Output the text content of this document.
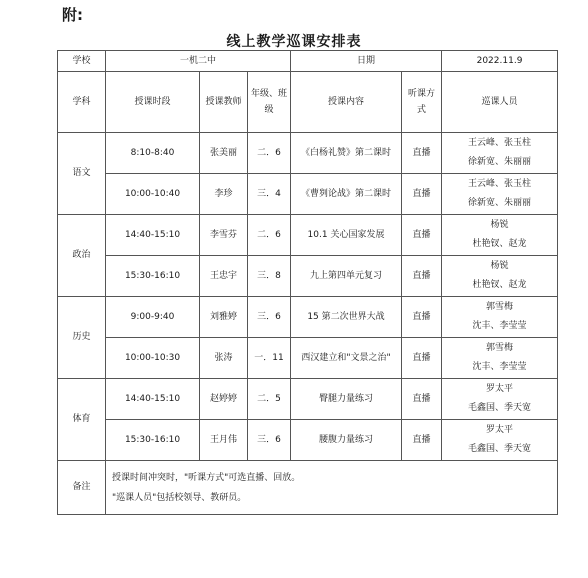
附:
线上教学巡课安排表
学校	一机二中			日期		2022.11.9
学科	授课时段	授课教师	年级、班级	授课内容	听课方式	巡课人员
语文	8:10-8:40	张美丽	二．6	《白杨礼赞》第二课时	直播	王云峰、张玉柱
徐新宽、朱丽丽

	10:00-10:40	李珍	三．4	《曹刿论战》第二课时	直播	王云峰、张玉柱
徐新宽、朱丽丽

政治	14:40-15:10	李雪芬	二．6	10.1 关心国家发展	直播	杨锐
杜艳钗、赵龙

	15:30-16:10	王忠宇	三．8	九上第四单元复习	直播	杨锐
杜艳钗、赵龙

历史	9:00-9:40	刘雅婷	三．6	15 第二次世界大战	直播	郭雪梅
沈丰、李莹莹

	10:00-10:30	张涛	一．11	西汉建立和"文景之治"	直播	郭雪梅
沈丰、李莹莹

体育	14:40-15:10	赵婷婷	二．5	臀腿力量练习	直播	罗太平
毛鑫国、季天宽

	15:30-16:10	王月伟	三．6	腰腹力量练习	直播	罗太平
毛鑫国、季天宽

备注	授课时间冲突时，"听课方式"可选直播、回放。
"巡课人员"包括校领导、教研员。					
